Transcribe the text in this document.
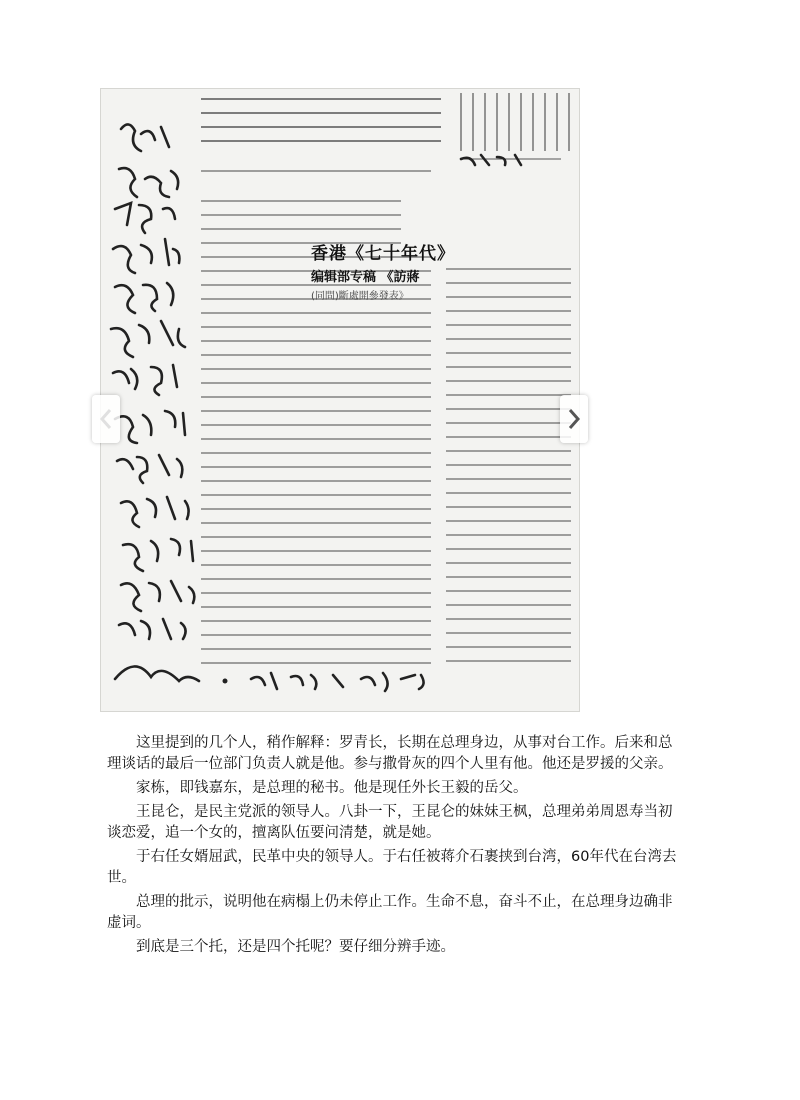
香港《七十年代》
编辑部专稿 《訪蔣
(同問)斷處開參發表》

这里提到的几个人，稍作解释：罗青长，长期在总理身边，从事对台工作。后来和总理谈话的最后一位部门负责人就是他。参与撒骨灰的四个人里有他。他还是罗援的父亲。

家栋，即钱嘉东，是总理的秘书。他是现任外长王毅的岳父。

王昆仑，是民主党派的领导人。八卦一下，王昆仑的妹妹王枫，总理弟弟周恩寿当初谈恋爱，追一个女的，擅离队伍要问清楚，就是她。

于右任女婿屈武，民革中央的领导人。于右任被蒋介石裹挟到台湾，60年代在台湾去世。

总理的批示，说明他在病榻上仍未停止工作。生命不息，奋斗不止，在总理身边确非虚词。

到底是三个托，还是四个托呢？要仔细分辨手迹。
